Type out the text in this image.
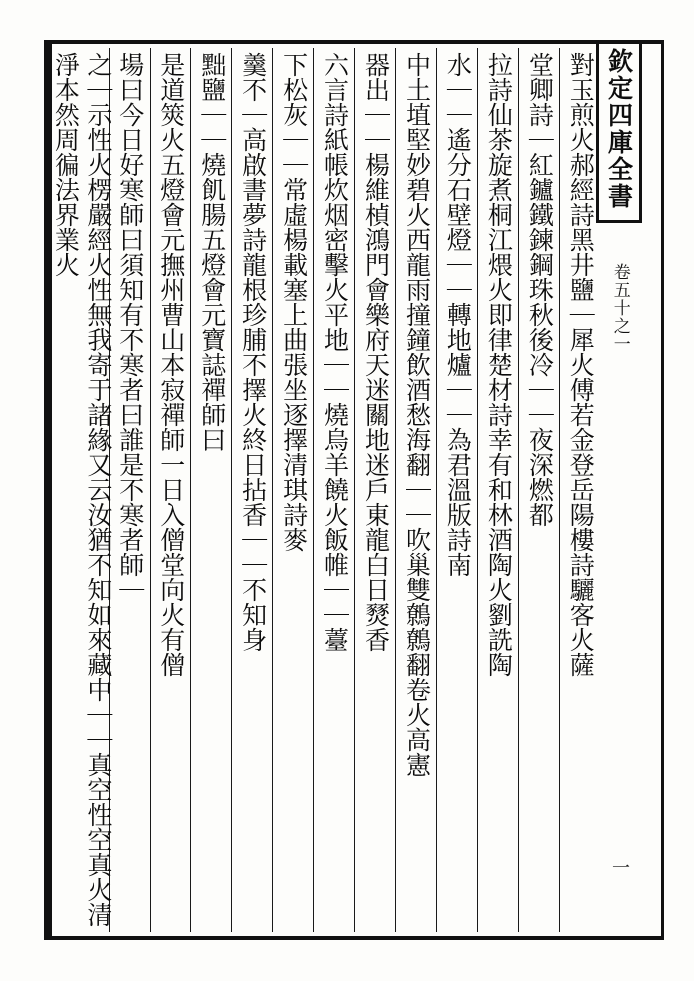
欽定四庫全書
卷五十之一
一
對玉煎火郝經詩黑井鹽｜犀火傅若金登岳陽樓詩驪客火薩
堂卿詩｜紅鑪鐵鍊鋼珠秋後冷｜｜夜深燃都
拉詩仙茶旋煮桐江煨火即律楚材詩幸有和林酒陶火劉詵陶
水｜｜遙分石壁燈｜｜轉地爐｜｜為君溫版詩南
中土埴堅妙碧火西龍雨撞鐘飲酒愁海翻｜｜吹巢雙鷯鷯翻卷火高憲
器出｜｜楊維楨鴻門會樂府天迷關地迷戶東龍白日燹香
六言詩紙帳炊烟密擊火平地｜｜燒烏羊饒火飯帷｜｜薹
下松灰｜｜常虛楊載塞上曲張坐逐擇清琪詩麥
羹不｜高啟書夢詩龍根珍脯不擇火終日拈香｜｜不知身
黜鹽｜｜燒飢腸五燈會元寶誌禪師曰
是道筴火五燈會元撫州曹山本寂禪師一日入僧堂向火有僧
場曰今日好寒師曰須知有不寒者曰誰是不寒者師｜
之｜示性火楞嚴經火性無我寄于諸緣又云汝猶不知如來藏中｜｜真空性空真火清淨本然周徧法界業火
